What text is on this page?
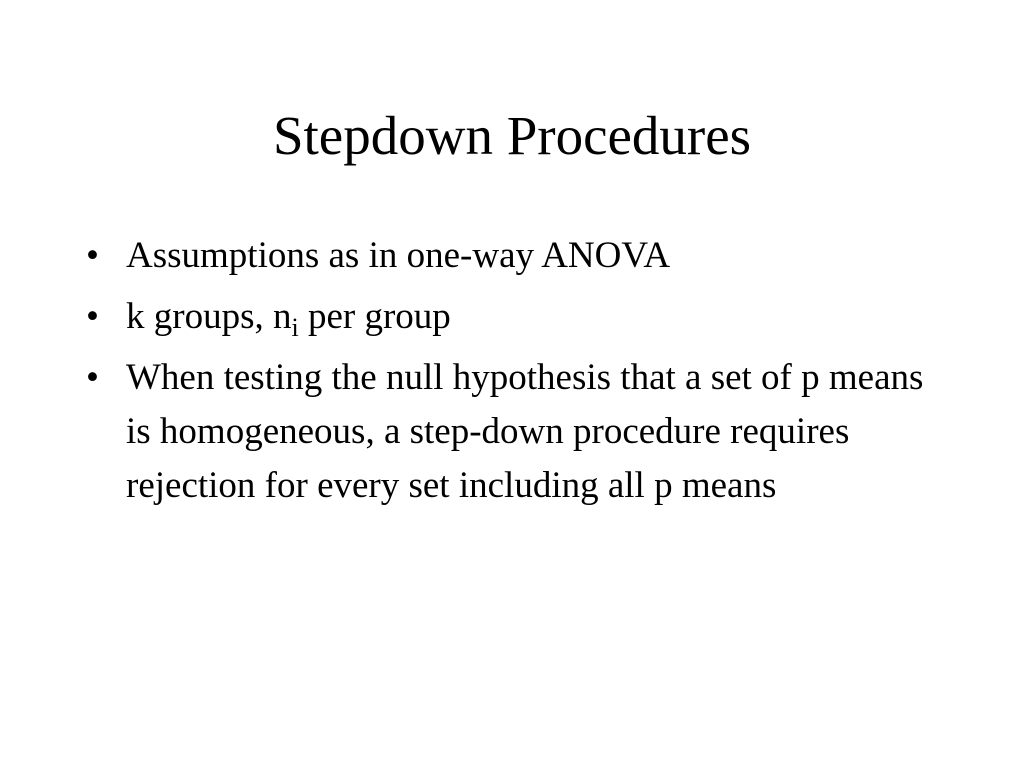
Stepdown Procedures
• Assumptions as in one-way ANOVA
• k groups, $n_i$ per group
• When testing the null hypothesis that a set of p means is homogeneous, a step-down procedure requires rejection for every set including all p means
